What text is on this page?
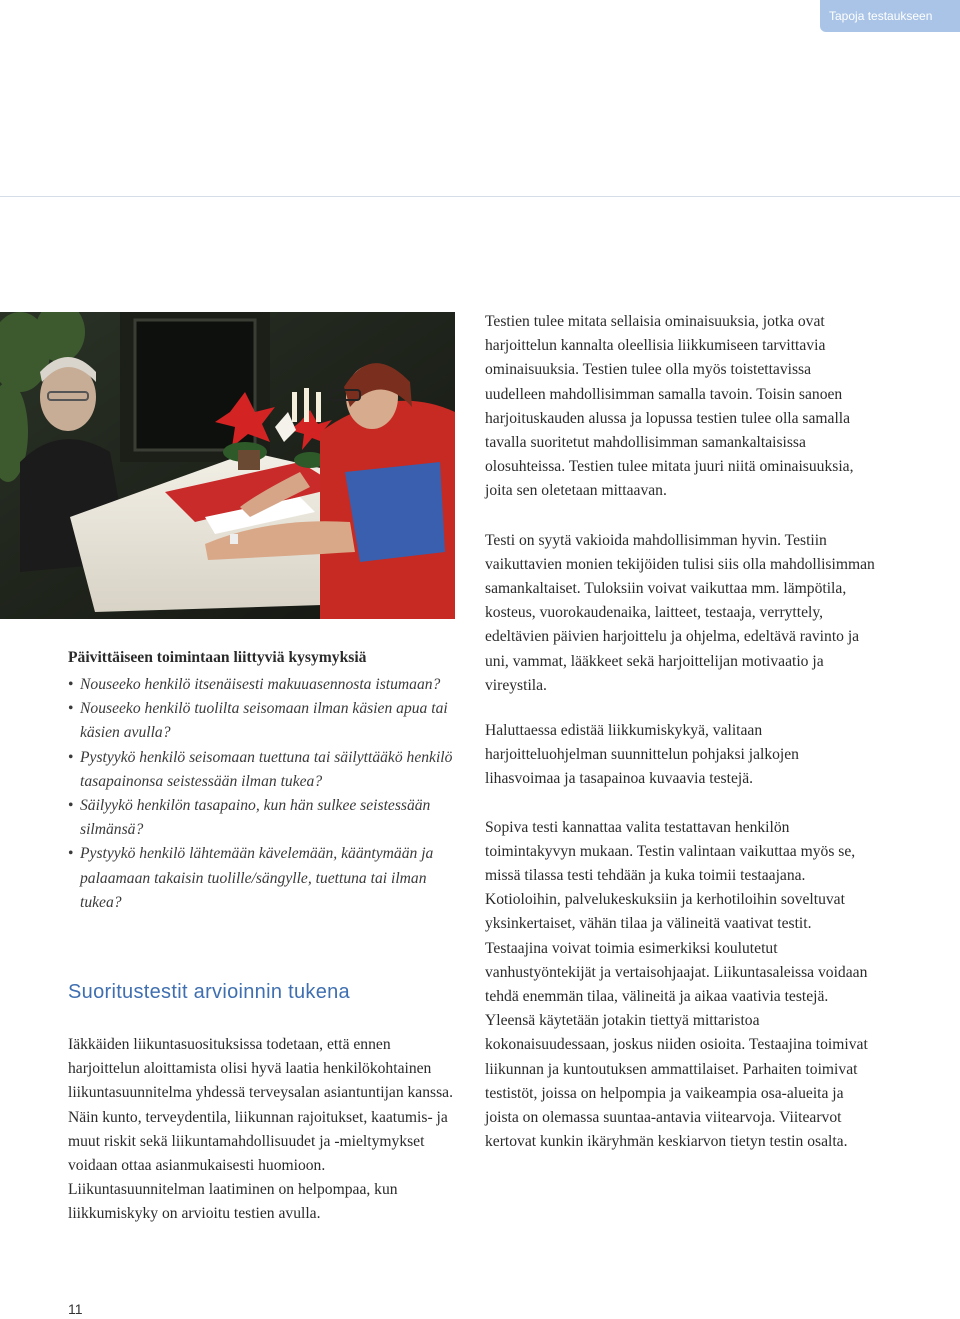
Tapoja testaukseen

Testien tulee mitata sellaisia ominaisuuksia, jotka ovat harjoittelun kannalta oleellisia liikkumiseen tarvittavia ominaisuuksia. Testien tulee olla myös toistettavissa uudelleen mahdollisimman samalla tavoin. Toisin sanoen harjoituskauden alussa ja lopussa testien tulee olla samalla tavalla suoritetut mahdollisimman samankaltaisissa olosuhteissa. Testien tulee mitata juuri niitä ominaisuuksia, joita sen oletetaan mittaavan.

Testi on syytä vakioida mahdollisimman hyvin. Testiin vaikuttavien monien tekijöiden tulisi siis olla mahdollisimman samankaltaiset. Tuloksiin voivat vaikuttaa mm. lämpötila, kosteus, vuorokaudenaika, laitteet, testaaja, verryttely, edeltävien päivien harjoittelu ja ohjelma, edeltävä ravinto ja uni, vammat, lääkkeet sekä harjoittelijan motivaatio ja vireystila.

Haluttaessa edistää liikkumiskykyä, valitaan harjoitteluohjelman suunnittelun pohjaksi jalkojen lihasvoimaa ja tasapainoa kuvaavia testejä.

Sopiva testi kannattaa valita testattavan henkilön toimintakyvyn mukaan. Testin valintaan vaikuttaa myös se, missä tilassa testi tehdään ja kuka toimii testaajana. Kotioloihin, palvelukeskuksiin ja kerhotiloihin soveltuvat yksinkertaiset, vähän tilaa ja välineitä vaativat testit. Testaajina voivat toimia esimerkiksi koulutetut vanhustyöntekijät ja vertaisohjaajat. Liikuntasaleissa voidaan tehdä enemmän tilaa, välineitä ja aikaa vaativia testejä. Yleensä käytetään jotakin tiettyä mittaristoa kokonaisuudessaan, joskus niiden osioita. Testaajina toimivat liikunnan ja kuntoutuksen ammattilaiset. Parhaiten toimivat testistöt, joissa on helpompia ja vaikeampia osa-alueita ja joista on olemassa suuntaa-antavia viitearvoja. Viitearvot kertovat kunkin ikäryhmän keskiarvon tietyn testin osalta.

Päivittäiseen toimintaan liittyviä kysymyksiä
• Nouseeko henkilö itsenäisesti makuuasennosta istumaan?
• Nouseeko henkilö tuolilta seisomaan ilman käsien apua tai käsien avulla?
• Pystyykö henkilö seisomaan tuettuna tai säilyttääkö henkilö tasapainonsa seistessään ilman tukea?
• Säilyykö henkilön tasapaino, kun hän sulkee seistessään silmänsä?
• Pystyykö henkilö lähtemään kävelemään, kääntymään ja palaamaan takaisin tuolille/sängylle, tuettuna tai ilman tukea?
Suoritustestit arvioinnin tukena

Iäkkäiden liikuntasuosituksissa todetaan, että ennen harjoittelun aloittamista olisi hyvä laatia henkilökohtainen liikuntasuunnitelma yhdessä terveysalan asiantuntijan kanssa. Näin kunto, terveydentila, liikunnan rajoitukset, kaatumis- ja muut riskit sekä liikuntamahdollisuudet ja -mieltymykset voidaan ottaa asianmukaisesti huomioon. Liikuntasuunnitelman laatiminen on helpompaa, kun liikkumiskyky on arvioitu testien avulla.

11
